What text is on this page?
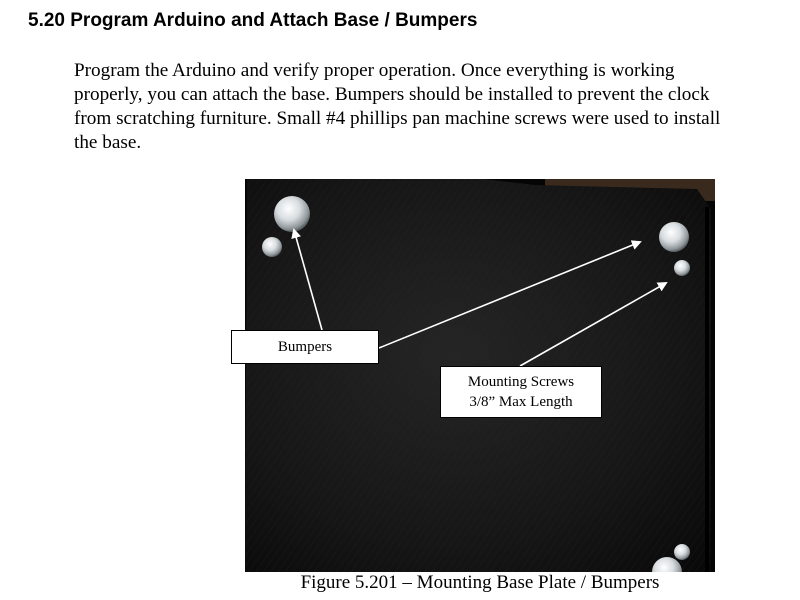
5.20 Program Arduino and Attach Base / Bumpers

Program the Arduino and verify proper operation. Once everything is working
properly, you can attach the base. Bumpers should be installed to prevent the clock
from scratching furniture. Small #4 phillips pan machine screws were used to install
the base.

Bumpers
Mounting Screws
3/8” Max Length

Figure 5.201 – Mounting Base Plate / Bumpers
